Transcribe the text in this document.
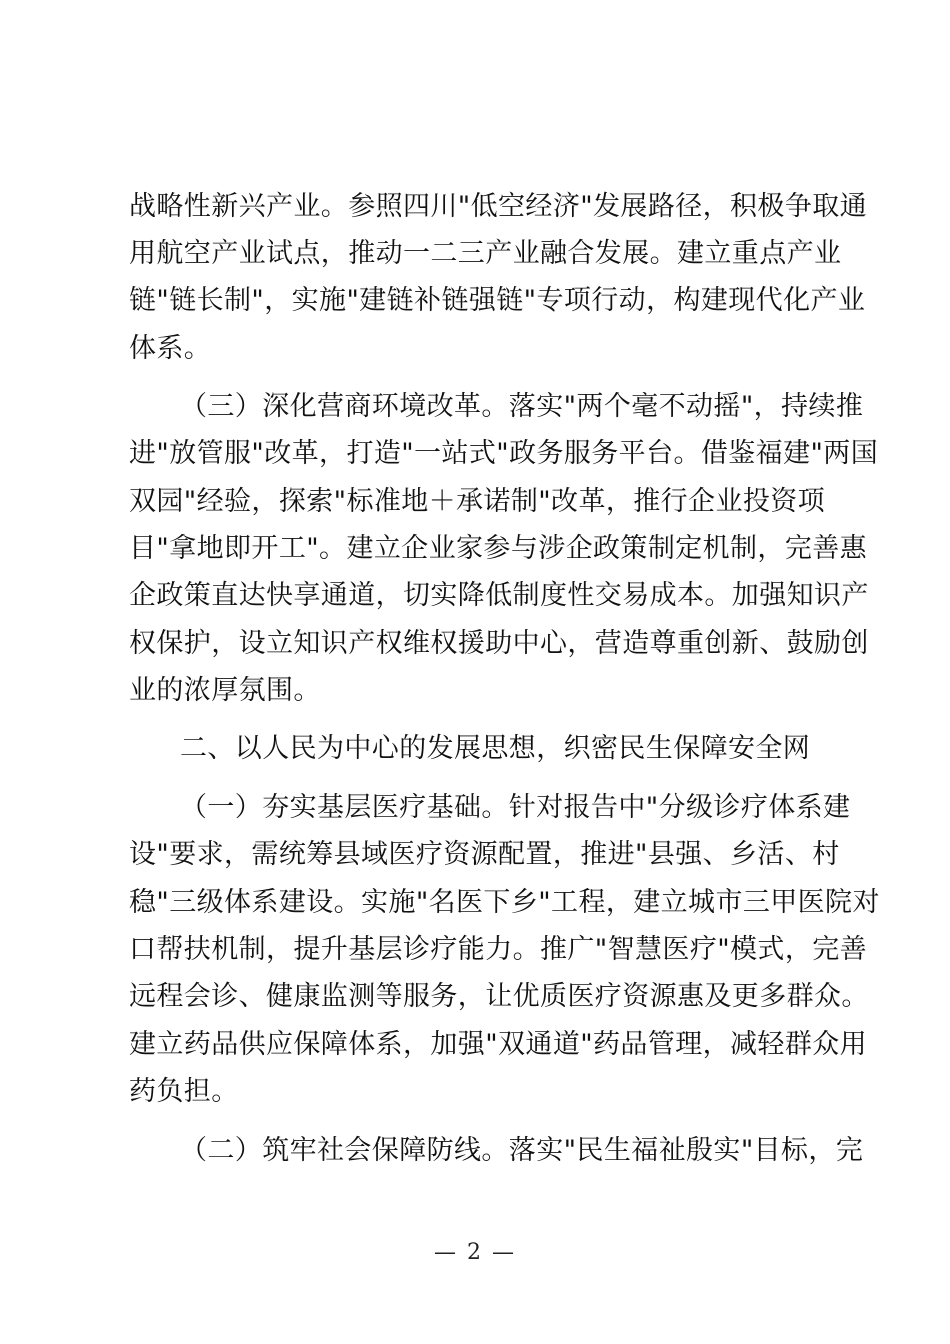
战略性新兴产业。参照四川"低空经济"发展路径，积极争取通
用航空产业试点，推动一二三产业融合发展。建立重点产业
链"链长制"，实施"建链补链强链"专项行动，构建现代化产业
体系。
（三）深化营商环境改革。落实"两个毫不动摇"，持续推
进"放管服"改革，打造"一站式"政务服务平台。借鉴福建"两国
双园"经验，探索"标准地＋承诺制"改革，推行企业投资项
目"拿地即开工"。建立企业家参与涉企政策制定机制，完善惠
企政策直达快享通道，切实降低制度性交易成本。加强知识产
权保护，设立知识产权维权援助中心，营造尊重创新、鼓励创
业的浓厚氛围。
二、以人民为中心的发展思想，织密民生保障安全网
（一）夯实基层医疗基础。针对报告中"分级诊疗体系建
设"要求，需统筹县域医疗资源配置，推进"县强、乡活、村
稳"三级体系建设。实施"名医下乡"工程，建立城市三甲医院对
口帮扶机制，提升基层诊疗能力。推广"智慧医疗"模式，完善
远程会诊、健康监测等服务，让优质医疗资源惠及更多群众。
建立药品供应保障体系，加强"双通道"药品管理，减轻群众用
药负担。
（二）筑牢社会保障防线。落实"民生福祉殷实"目标，完
— 2 —
